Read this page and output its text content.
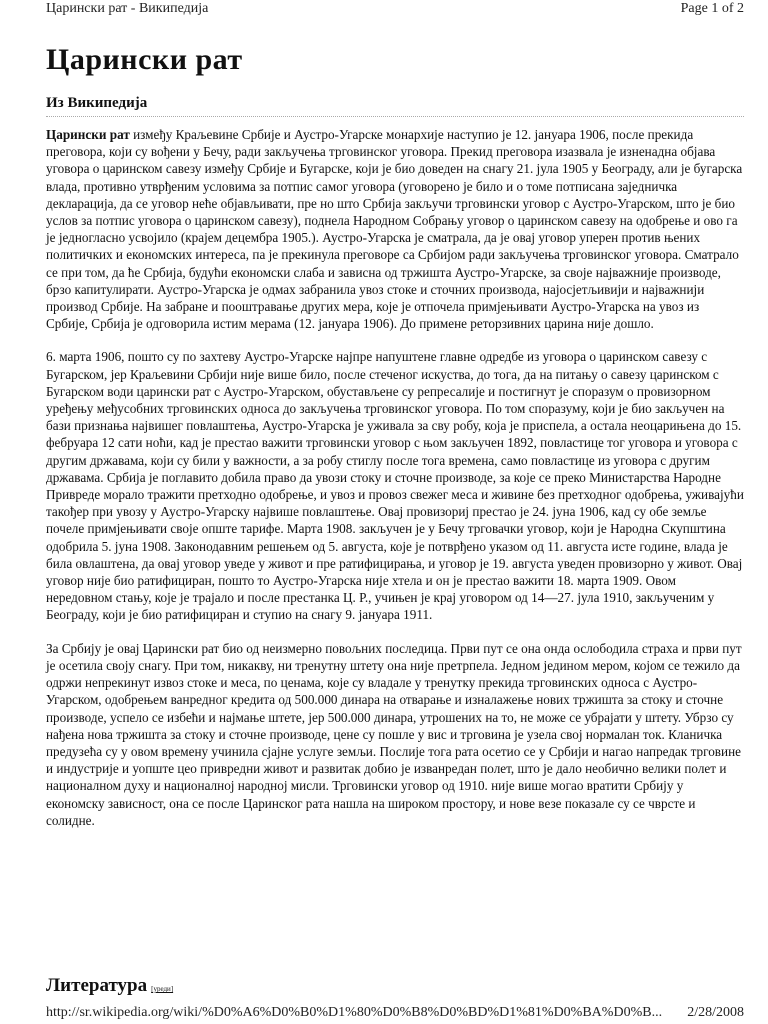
Царински рат - Википедија	Page 1 of 2
Царински рат
Из Википедија

Царински рат између Краљевине Србије и Аустро-Угарске монархије наступио је 12. јануара 1906, после прекида преговора, који су вођени у Бечу, ради закључења трговинског уговора. Прекид преговора изазвала је изненадна објава уговора о царинском савезу између Србије и Бугарске, који је био доведен на снагу 21. јула 1905 у Београду, али је бугарска влада, противно утврђеним условима за потпис самог уговора (уговорено је било и о томе потписана заједничка декларација, да се уговор неће објављивати, пре но што Србија закључи трговински уговор с Аустро-Угарском, што је био услов за потпис уговора о царинском савезу), поднела Народном Собрању уговор о царинском савезу на одобрење и ово га је једногласно усвојило (крајем децембра 1905.). Аустро-Угарска је сматрала, да је овај уговор уперен против њених политичких и економских интереса, па је прекинула преговоре са Србијом ради закључења трговинског уговора. Сматрало се при том, да ће Србија, будући економски слаба и зависна од тржишта Аустро-Угарске, за своје најважније производе, брзо капитулирати. Аустро-Угарска је одмах забранила увоз стоке и сточних производа, најосјетљивији и најважнији производ Србије. На забране и пооштравање других мера, које је отпочела примјењивати Аустро-Угарска на увоз из Србије, Србија је одговорила истим мерама (12. јануара 1906). До примене реторзивних царина није дошло.

6. марта 1906, пошто су по захтеву Аустро-Угарске најпре напуштене главне одредбе из уговора о царинском савезу с Бугарском, јер Краљевини Србији није више било, после стеченог искуства, до тога, да на питању о савезу царинском с Бугарском води царински рат с Аустро-Угарском, обустављене су репресалије и постигнут је споразум о провизорном уређењу међусобних трговинских односа до закључења трговинског уговора. По том споразуму, који је био закључен на бази признања највишег повлаштења, Аустро-Угарска је уживала за сву робу, која је приспела, а остала неоцарињена до 15. фебруара 12 сати ноћи, кад је престао важити трговински уговор с њом закључен 1892, повластице тог уговора и уговора с другим државама, који су били у важности, а за робу стиглу после тога времена, само повластице из уговора с другим државама. Србија је поглавито добила право да увози стоку и сточне производе, за које се преко Министарства Народне Привреде морало тражити претходно одобрење, и увоз и провоз свежег меса и живине без претходног одобрења, уживајући такођер при увозу у Аустро-Угарску највише повлаштење. Овај провизориј престао је 24. јуна 1906, кад су обе земље почеле примјењивати своје опште тарифе. Марта 1908. закључен је у Бечу трговачки уговор, који је Народна Скупштина одобрила 5. јуна 1908. Законодавним решењем од 5. августа, које је потврђено указом од 11. августа исте године, влада је била овлаштена, да овај уговор уведе у живот и пре ратифицирања, и уговор је 19. августа уведен провизорно у живот. Овај уговор није био ратифициран, пошто то Аустро-Угарска није хтела и он је престао важити 18. марта 1909. Овом нередовном стању, које је трајало и после престанка Ц. Р., учињен је крај уговором од 14—27. јула 1910, закљученим у Београду, који је био ратифициран и ступио на снагу 9. јануара 1911.

За Србију је овај Царински рат био од неизмерно повољних последица. Први пут се она онда ослободила страха и први пут је осетила своју снагу. При том, никакву, ни тренутну штету она није претрпела. Једном јединoм мером, којом се тежило да одржи непрекинут извоз стоке и меса, по ценама, које су владале у тренутку прекида трговинских односа с Аустро-Угарском, одобрењем ванредног кредита од 500.000 динара на отварање и изналажење нових тржишта за стоку и сточне производе, успело се избећи и најмање штете, јер 500.000 динара, утрошених на то, не може се убрајати у штету. Убрзо су нађена нова тржишта за стоку и сточне производе, цене су пошле у вис и трговина је узела свој нормалан ток. Кланичка предузећа су у овом времену учинила сјајне услуге земљи. Послије тога рата осетио се у Србији и нагао напредак трговине и индустрије и уопште цео привредни живот и развитак добио је изванредан полет, што је дало необично велики полет и националном духу и националној народној мисли. Трговински уговор од 1910. није више могао вратити Србију у економску зависност, она се после Царинског рата нашла на широком простору, и нове везе показале су се чврсте и солидне.

Литература [уреди]
http://sr.wikipedia.org/wiki/%D0%A6%D0%B0%D1%80%D0%B8%D0%BD%D1%81%D0%BA%D0%B...	2/28/2008
